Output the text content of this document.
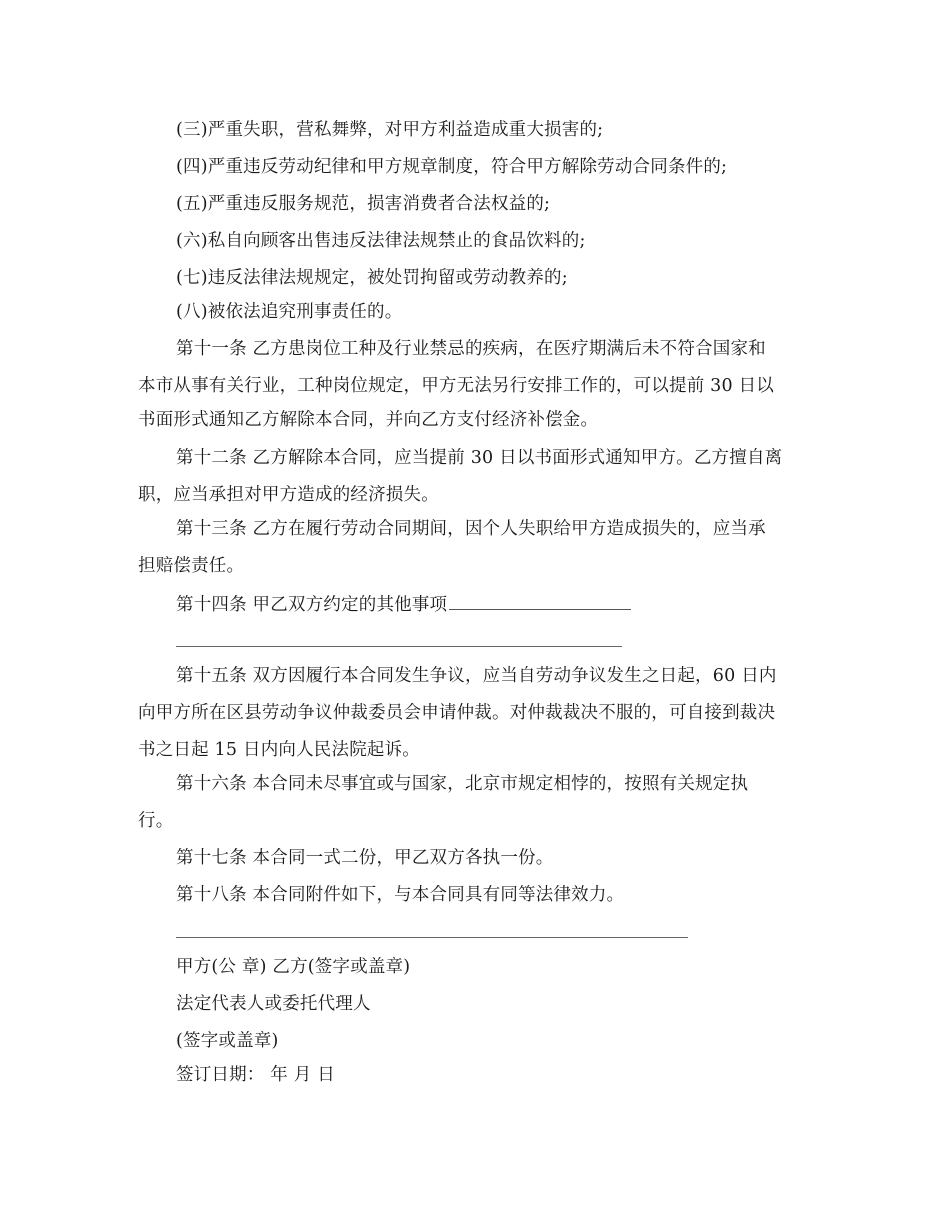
(三)严重失职，营私舞弊，对甲方利益造成重大损害的;
(四)严重违反劳动纪律和甲方规章制度，符合甲方解除劳动合同条件的;
(五)严重违反服务规范，损害消费者合法权益的;
(六)私自向顾客出售违反法律法规禁止的食品饮料的;
(七)违反法律法规规定，被处罚拘留或劳动教养的;
(八)被依法追究刑事责任的。
第十一条 乙方患岗位工种及行业禁忌的疾病，在医疗期满后未不符合国家和
本市从事有关行业，工种岗位规定，甲方无法另行安排工作的，可以提前 30 日以
书面形式通知乙方解除本合同，并向乙方支付经济补偿金。
第十二条 乙方解除本合同，应当提前 30 日以书面形式通知甲方。乙方擅自离
职，应当承担对甲方造成的经济损失。
第十三条 乙方在履行劳动合同期间，因个人失职给甲方造成损失的，应当承
担赔偿责任。
第十四条 甲乙双方约定的其他事项
第十五条 双方因履行本合同发生争议，应当自劳动争议发生之日起，60 日内
向甲方所在区县劳动争议仲裁委员会申请仲裁。对仲裁裁决不服的，可自接到裁决
书之日起 15 日内向人民法院起诉。
第十六条 本合同未尽事宜或与国家，北京市规定相悖的，按照有关规定执
行。
第十七条 本合同一式二份，甲乙双方各执一份。
第十八条 本合同附件如下，与本合同具有同等法律效力。
甲方(公 章) 乙方(签字或盖章)
法定代表人或委托代理人
(签字或盖章)
签订日期： 年 月 日
